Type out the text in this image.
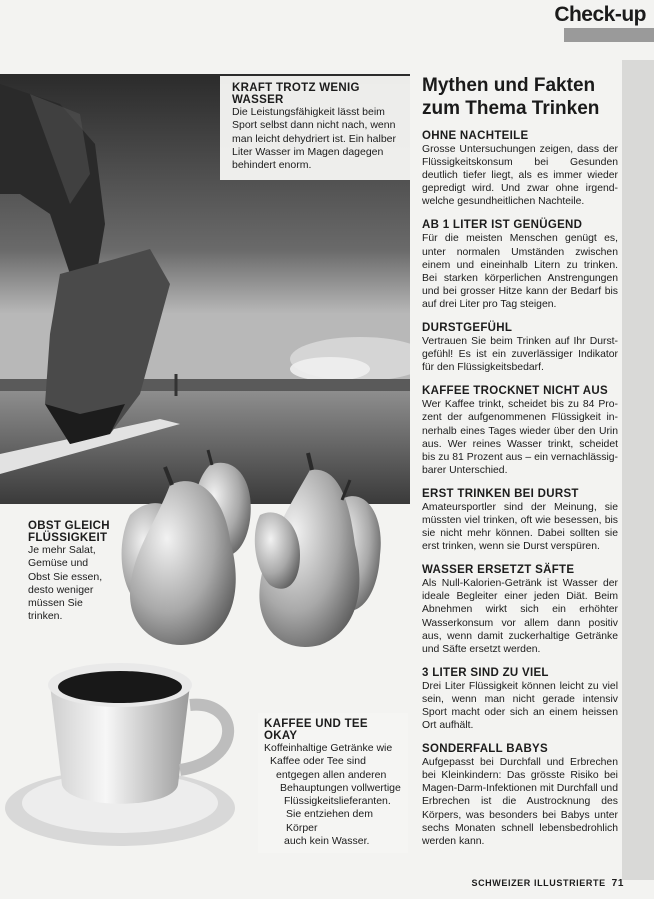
Check-up
KRAFT TROTZ WENIG WASSER
Die Leistungsfähigkeit lässt beim
Sport selbst dann nicht nach, wenn
man leicht dehydriert ist. Ein halber
Liter Wasser im Magen dagegen
behindert enorm.
OBST GLEICH
FLÜSSIGKEIT
Je mehr Salat,
Gemüse und
Obst Sie essen,
desto weniger
müssen Sie trinken.
KAFFEE UND TEE OKAY
Koffeinhaltige Getränke wie
Kaffee oder Tee sind
entgegen allen anderen
Behauptungen vollwertige
Flüssigkeitslieferanten.
Sie entziehen dem Körper
auch kein Wasser.
Mythen und Fakten
zum Thema Trinken
OHNE NACHTEILE

Grosse Untersuchungen zeigen, dass der Flüssigkeitskonsum bei Gesunden deutlich tiefer liegt, als es immer wieder gepredigt wird. Und zwar ohne irgendwelche gesundheitlichen Nachteile.

AB 1 LITER IST GENÜGEND

Für die meisten Menschen genügt es, unter normalen Umständen zwischen einem und eineinhalb Litern zu trinken. Bei starken körperlichen Anstrengungen und bei grosser Hitze kann der Bedarf bis auf drei Liter pro Tag steigen.

DURSTGEFÜHL

Vertrauen Sie beim Trinken auf Ihr Durstgefühl! Es ist ein zuverlässiger Indikator für den Flüssigkeitsbedarf.

KAFFEE TROCKNET NICHT AUS

Wer Kaffee trinkt, scheidet bis zu 84 Prozent der aufgenommenen Flüssigkeit innerhalb eines Tages wieder über den Urin aus. Wer reines Wasser trinkt, scheidet bis zu 81 Prozent aus – ein vernachlässigbarer Unterschied.

ERST TRINKEN BEI DURST

Amateursportler sind der Meinung, sie müssten viel trinken, oft wie besessen, bis sie nicht mehr können. Dabei sollten sie erst trinken, wenn sie Durst verspüren.

WASSER ERSETZT SÄFTE

Als Null-Kalorien-Getränk ist Wasser der ideale Begleiter einer jeden Diät. Beim Abnehmen wirkt sich ein erhöhter Wasserkonsum vor allem dann positiv aus, wenn damit zuckerhaltige Getränke und Säfte ersetzt werden.

3 LITER SIND ZU VIEL

Drei Liter Flüssigkeit können leicht zu viel sein, wenn man nicht gerade intensiv Sport macht oder sich an einem heissen Ort aufhält.

SONDERFALL BABYS

Aufgepasst bei Durchfall und Erbrechen bei Kleinkindern: Das grösste Risiko bei Magen-Darm-Infektionen mit Durchfall und Erbrechen ist die Austrocknung des Körpers, was besonders bei Babys unter sechs Monaten schnell lebensbedrohlich werden kann.

SCHWEIZER ILLUSTRIERTE 71
